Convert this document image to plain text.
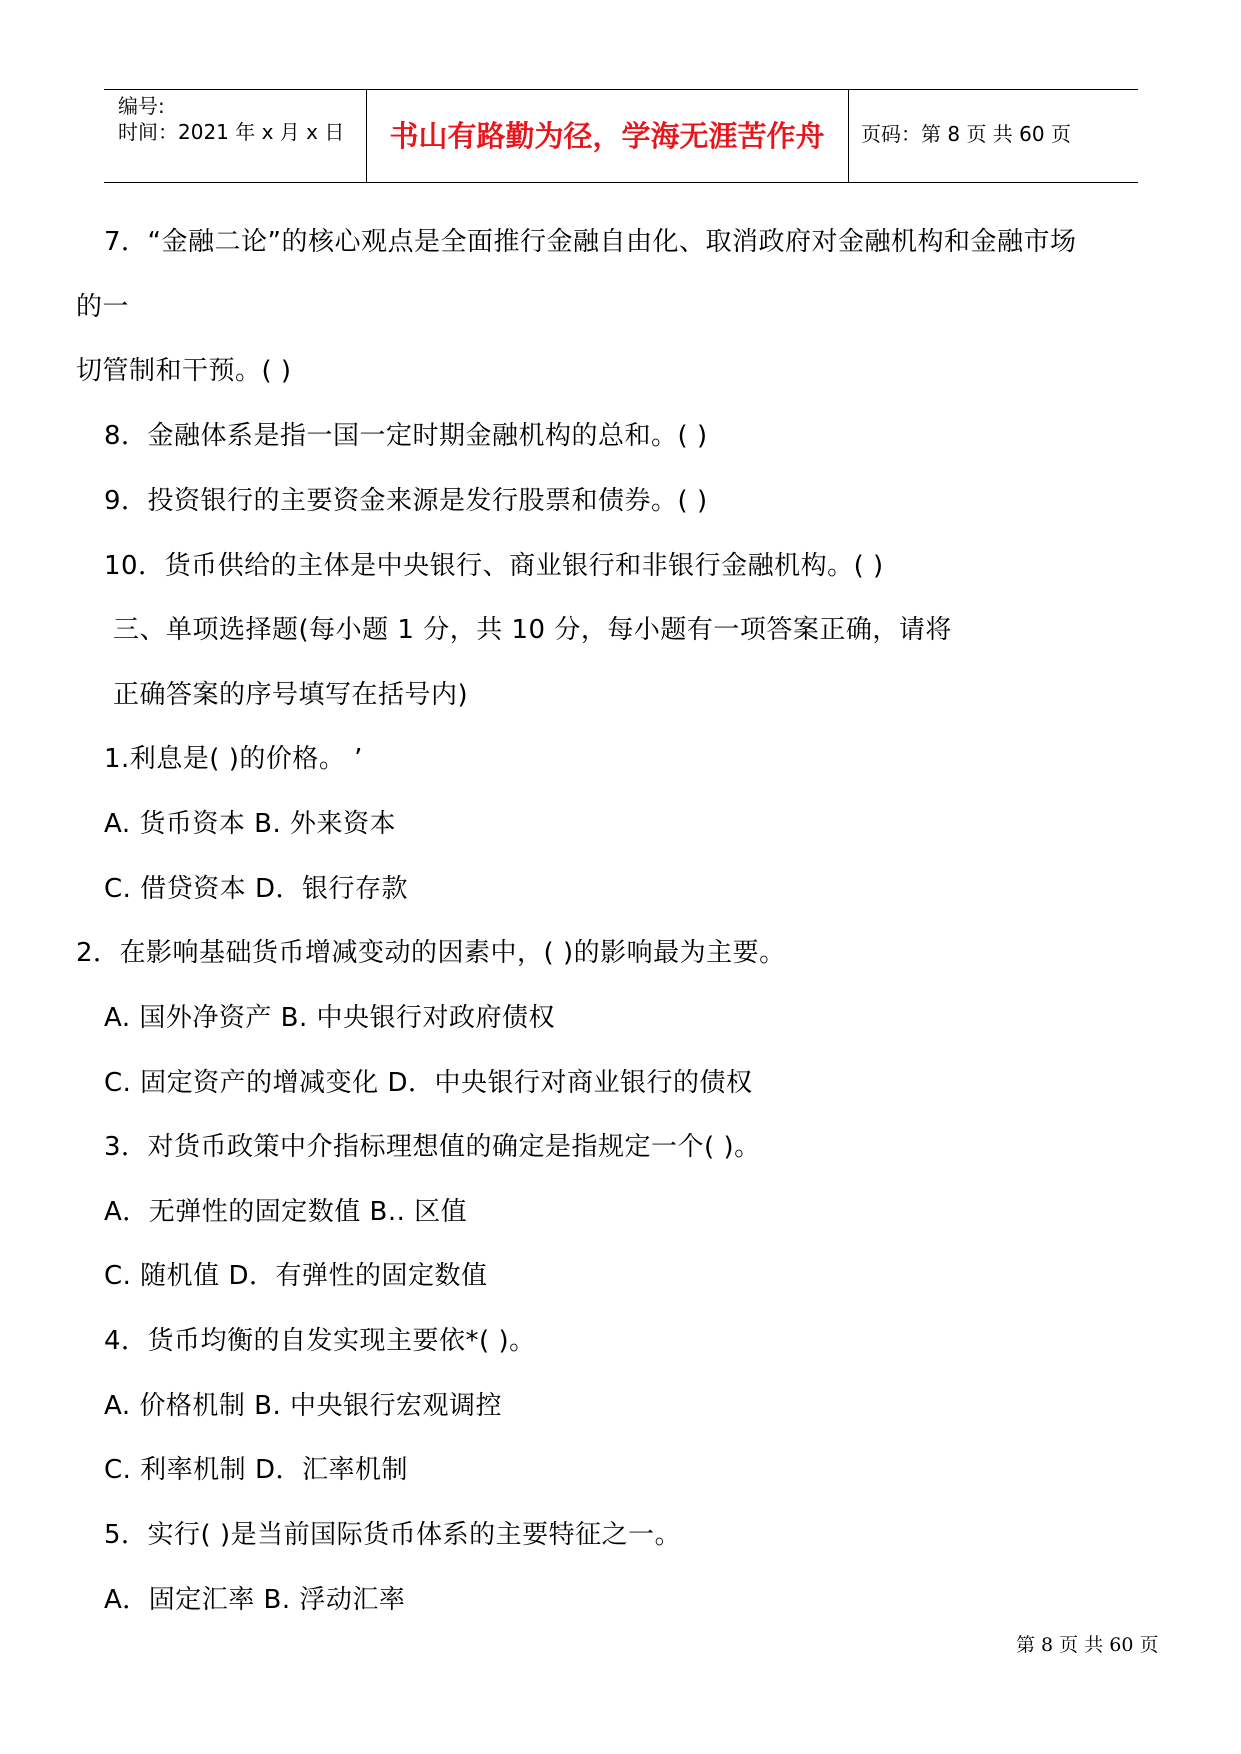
编号:
时间：2021 年 x 月 x 日	书山有路勤为径，学海无涯苦作舟	页码：第 8 页 共 60 页
7．“金融二论”的核心观点是全面推行金融自由化、取消政府对金融机构和金融市场
的一
切管制和干预。( )
8．金融体系是指一国一定时期金融机构的总和。( )
9．投资银行的主要资金来源是发行股票和债券。( )
10．货币供给的主体是中央银行、商业银行和非银行金融机构。( )
三、单项选择题(每小题 1 分，共 10 分，每小题有一项答案正确，请将
正确答案的序号填写在括号内)
1.利息是( )的价格。 ’
A. 货币资本 B. 外来资本
C. 借贷资本 D．银行存款
2．在影响基础货币增减变动的因素中，( )的影响最为主要。
A. 国外净资产 B. 中央银行对政府债权
C. 固定资产的增减变化 D．中央银行对商业银行的债权
3．对货币政策中介指标理想值的确定是指规定一个( )。
A．无弹性的固定数值 B.. 区值
C. 随机值 D．有弹性的固定数值
4．货币均衡的自发实现主要依*( )。
A. 价格机制 B. 中央银行宏观调控
C. 利率机制 D．汇率机制
5．实行( )是当前国际货币体系的主要特征之一。
A．固定汇率 B. 浮动汇率
第 8 页 共 60 页
